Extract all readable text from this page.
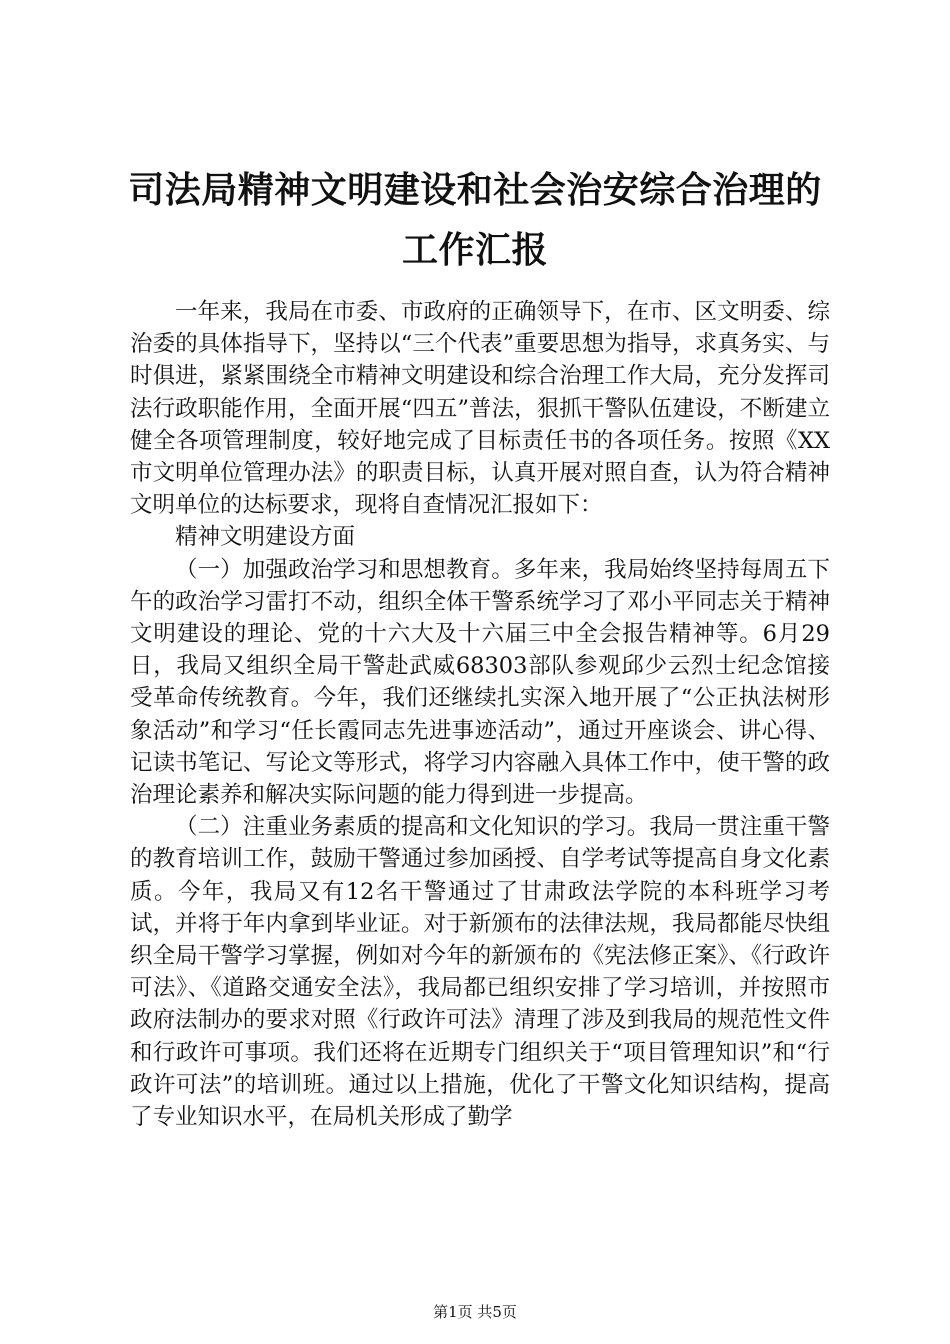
司法局精神文明建设和社会治安综合治理的工作汇报

一年来，我局在市委、市政府的正确领导下，在市、区文明委、综治委的具体指导下，坚持以“三个代表”重要思想为指导，求真务实、与时俱进，紧紧围绕全市精神文明建设和综合治理工作大局，充分发挥司法行政职能作用，全面开展“四五”普法，狠抓干警队伍建设，不断建立健全各项管理制度，较好地完成了目标责任书的各项任务。按照《XX市文明单位管理办法》的职责目标，认真开展对照自查，认为符合精神文明单位的达标要求，现将自查情况汇报如下：

精神文明建设方面

（一）加强政治学习和思想教育。多年来，我局始终坚持每周五下午的政治学习雷打不动，组织全体干警系统学习了邓小平同志关于精神文明建设的理论、党的十六大及十六届三中全会报告精神等。6月29日，我局又组织全局干警赴武威68303部队参观邱少云烈士纪念馆接受革命传统教育。今年，我们还继续扎实深入地开展了“公正执法树形象活动”和学习“任长霞同志先进事迹活动”，通过开座谈会、讲心得、记读书笔记、写论文等形式，将学习内容融入具体工作中，使干警的政治理论素养和解决实际问题的能力得到进一步提高。

（二）注重业务素质的提高和文化知识的学习。我局一贯注重干警的教育培训工作，鼓励干警通过参加函授、自学考试等提高自身文化素质。今年，我局又有12名干警通过了甘肃政法学院的本科班学习考试，并将于年内拿到毕业证。对于新颁布的法律法规，我局都能尽快组织全局干警学习掌握，例如对今年的新颁布的《宪法修正案》、《行政许可法》、《道路交通安全法》，我局都已组织安排了学习培训，并按照市政府法制办的要求对照《行政许可法》清理了涉及到我局的规范性文件和行政许可事项。我们还将在近期专门组织关于“项目管理知识”和“行政许可法”的培训班。通过以上措施，优化了干警文化知识结构，提高了专业知识水平，在局机关形成了勤学

第1页 共5页
